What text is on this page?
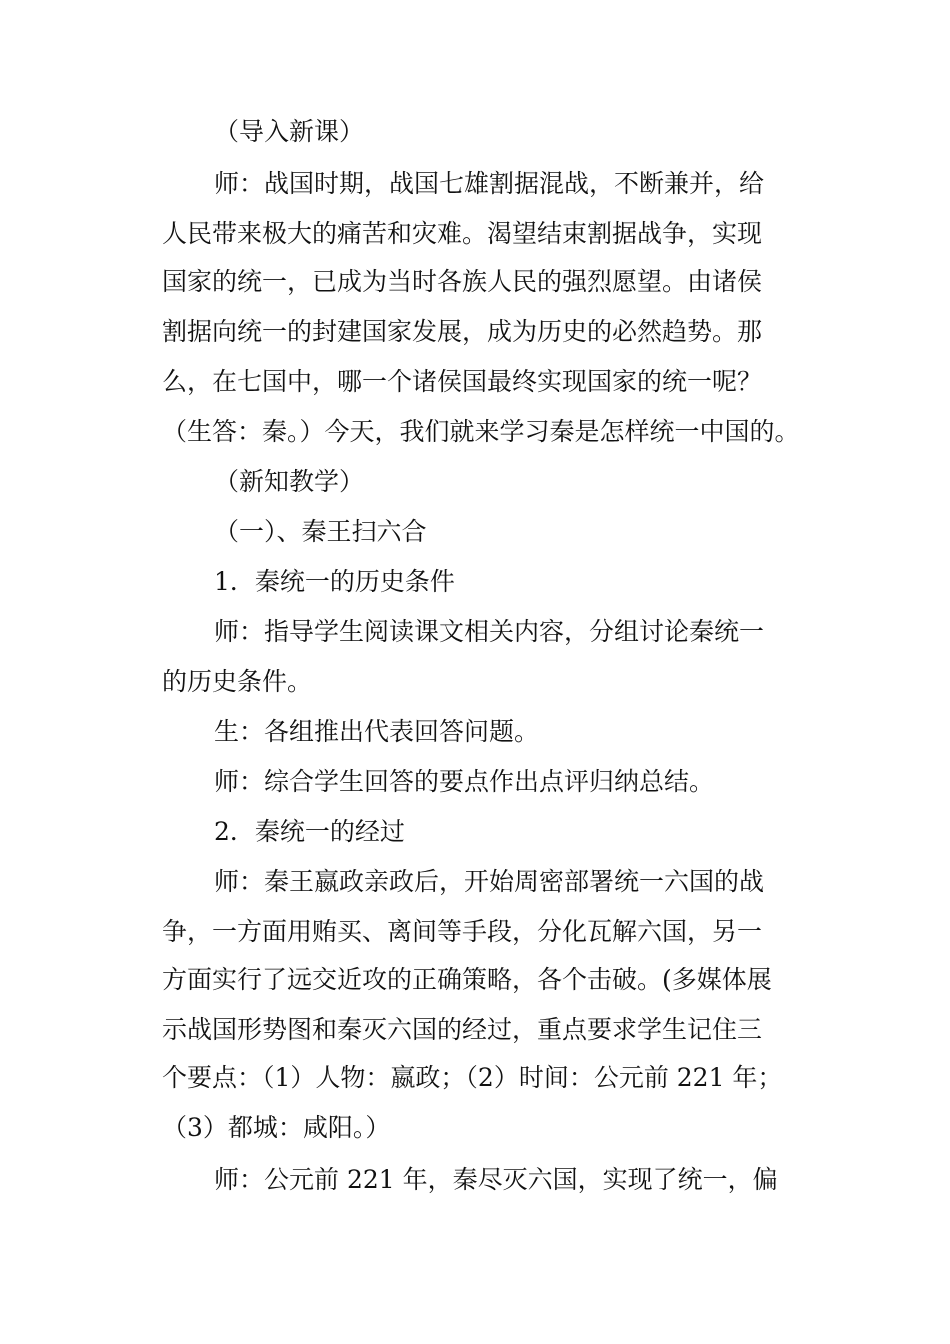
（导入新课）
师：战国时期，战国七雄割据混战，不断兼并，给
人民带来极大的痛苦和灾难。渴望结束割据战争，实现
国家的统一，已成为当时各族人民的强烈愿望。由诸侯
割据向统一的封建国家发展，成为历史的必然趋势。那
么，在七国中，哪一个诸侯国最终实现国家的统一呢？
（生答：秦。）今天，我们就来学习秦是怎样统一中国的。
（新知教学）
（一）、秦王扫六合
1．秦统一的历史条件
师：指导学生阅读课文相关内容，分组讨论秦统一
的历史条件。
生：各组推出代表回答问题。
师：综合学生回答的要点作出点评归纳总结。
2．秦统一的经过
师：秦王嬴政亲政后，开始周密部署统一六国的战
争，一方面用贿买、离间等手段，分化瓦解六国，另一
方面实行了远交近攻的正确策略，各个击破。(多媒体展
示战国形势图和秦灭六国的经过，重点要求学生记住三
个要点：（1）人物：嬴政；（2）时间：公元前 221 年；
（3）都城：咸阳。）
师：公元前 221 年，秦尽灭六国，实现了统一，偏
